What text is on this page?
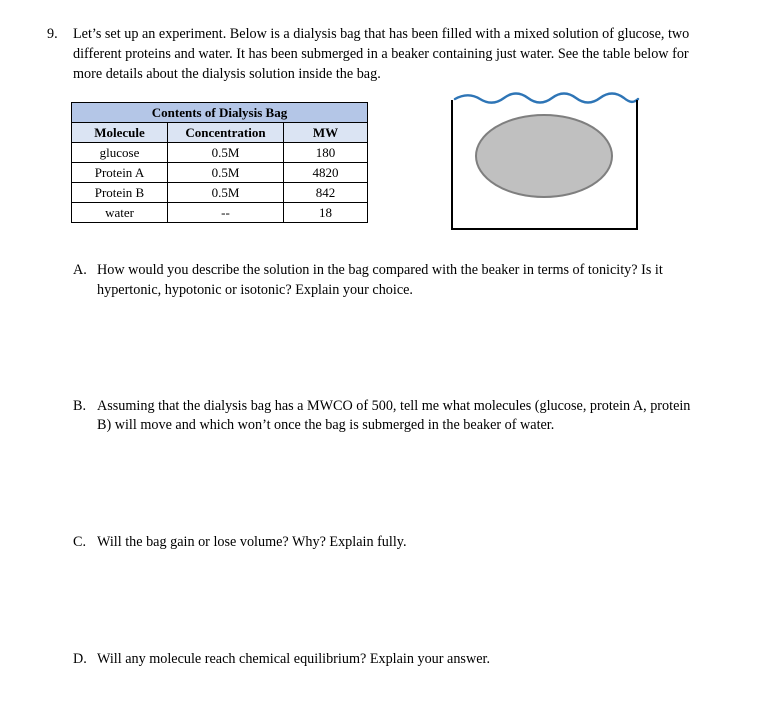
9.	Let’s set up an experiment. Below is a dialysis bag that has been filled with a mixed solution of glucose, two
different proteins and water. It has been submerged in a beaker containing just water. See the table below for
more details about the dialysis solution inside the bag.
Contents of Dialysis Bag		
Molecule	Concentration	MW
glucose	0.5M	180
Protein A	0.5M	4820
Protein B	0.5M	842
water	--	18
A. How would you describe the solution in the bag compared with the beaker in terms of tonicity? Is it
hypertonic, hypotonic or isotonic? Explain your choice.
B. Assuming that the dialysis bag has a MWCO of 500, tell me what molecules (glucose, protein A, protein
B) will move and which won’t once the bag is submerged in the beaker of water.
C. Will the bag gain or lose volume? Why? Explain fully.
D. Will any molecule reach chemical equilibrium? Explain your answer.
